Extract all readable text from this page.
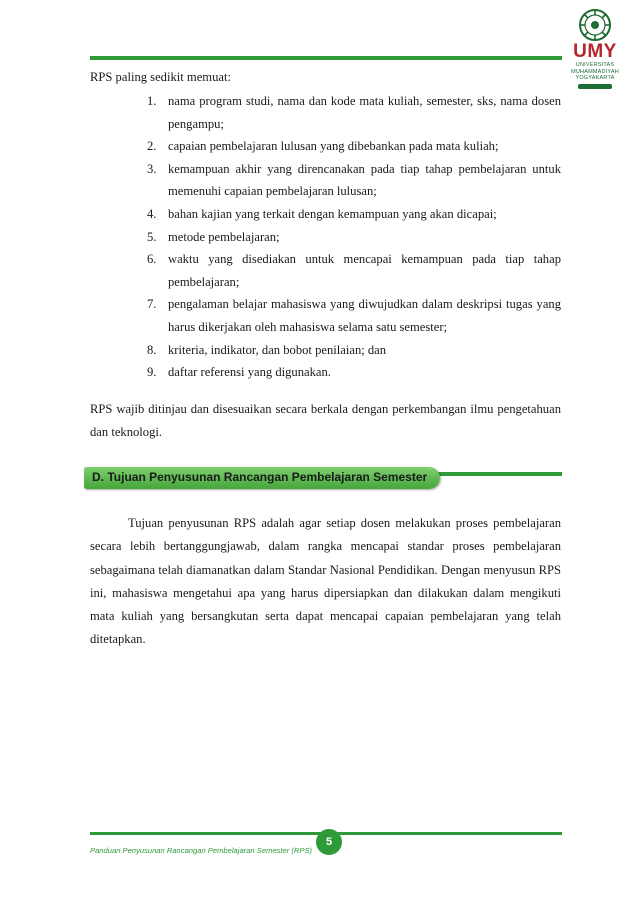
UMY
UNIVERSITAS
MUHAMMADIYAH
YOGYAKARTA
RPS paling sedikit memuat:
1. nama program studi, nama dan kode mata kuliah, semester, sks, nama dosen pengampu;
2. capaian pembelajaran lulusan yang dibebankan pada mata kuliah;
3. kemampuan akhir yang direncanakan pada tiap tahap pembelajaran untuk memenuhi capaian pembelajaran lulusan;
4. bahan kajian yang terkait dengan kemampuan yang akan dicapai;
5. metode pembelajaran;
6. waktu yang disediakan untuk mencapai kemampuan pada tiap tahap pembelajaran;
7. pengalaman belajar mahasiswa yang diwujudkan dalam deskripsi tugas yang harus dikerjakan oleh mahasiswa selama satu semester;
8. kriteria, indikator, dan bobot penilaian; dan
9. daftar referensi yang digunakan.

RPS wajib ditinjau dan disesuaikan secara berkala dengan perkembangan ilmu pengetahuan dan teknologi.

D. Tujuan Penyusunan Rancangan Pembelajaran Semester

Tujuan penyusunan RPS adalah agar setiap dosen melakukan proses pembelajaran secara lebih bertanggungjawab, dalam rangka mencapai standar proses pembelajaran sebagaimana telah diamanatkan dalam Standar Nasional Pendidikan. Dengan menyusun RPS ini, mahasiswa mengetahui apa yang harus dipersiapkan dan dilakukan dalam mengikuti mata kuliah yang bersangkutan serta dapat mencapai capaian pembelajaran yang telah ditetapkan.

5
Panduan Penyusunan Rancangan Pembelajaran Semester (RPS)
